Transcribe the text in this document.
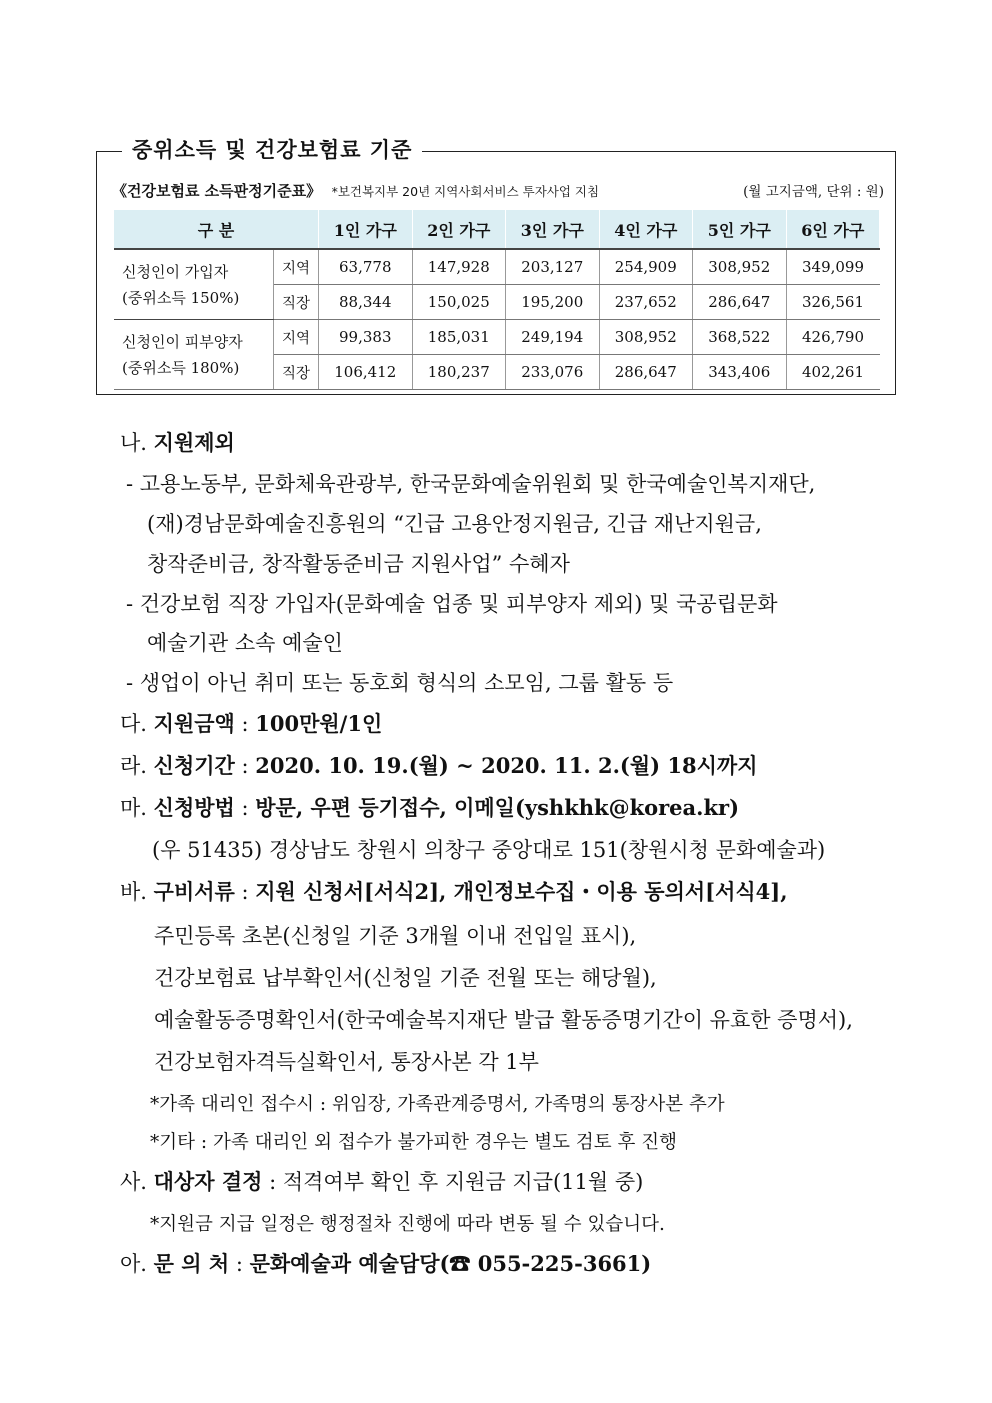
중위소득 및 건강보험료 기준
《건강보험료 소득판정기준표》 *보건복지부 20년 지역사회서비스 투자사업 지침	(월 고지금액, 단위 : 원)
구 분		1인 가구	2인 가구	3인 가구	4인 가구	5인 가구	6인 가구

신청인이 가입자
(중위소득 150%)	지역	63,778	147,928	203,127	254,909	308,952	349,099
	직장	88,344	150,025	195,200	237,652	286,647	326,561

신청인이 피부양자
(중위소득 180%)	지역	99,383	185,031	249,194	308,952	368,522	426,790
	직장	106,412	180,237	233,076	286,647	343,406	402,261
나. 지원제외
- 고용노동부, 문화체육관광부, 한국문화예술위원회 및 한국예술인복지재단,
(재)경남문화예술진흥원의 “긴급 고용안정지원금, 긴급 재난지원금,
창작준비금, 창작활동준비금 지원사업” 수혜자
- 건강보험 직장 가입자(문화예술 업종 및 피부양자 제외) 및 국공립문화
예술기관 소속 예술인
- 생업이 아닌 취미 또는 동호회 형식의 소모임, 그룹 활동 등
다. 지원금액 : 100만원/1인
라. 신청기간 : 2020. 10. 19.(월) ~ 2020. 11. 2.(월) 18시까지
마. 신청방법 : 방문, 우편 등기접수, 이메일(yshkhk@korea.kr)
(우 51435) 경상남도 창원시 의창구 중앙대로 151(창원시청 문화예술과)
바. 구비서류 : 지원 신청서[서식2], 개인정보수집・이용 동의서[서식4],
주민등록 초본(신청일 기준 3개월 이내 전입일 표시),
건강보험료 납부확인서(신청일 기준 전월 또는 해당월),
예술활동증명확인서(한국예술복지재단 발급 활동증명기간이 유효한 증명서),
건강보험자격득실확인서, 통장사본 각 1부
*가족 대리인 접수시 : 위임장, 가족관계증명서, 가족명의 통장사본 추가
*기타 : 가족 대리인 외 접수가 불가피한 경우는 별도 검토 후 진행
사. 대상자 결정 : 적격여부 확인 후 지원금 지급(11월 중)
*지원금 지급 일정은 행정절차 진행에 따라 변동 될 수 있습니다.
아. 문 의 처 : 문화예술과 예술담당(☎ 055-225-3661)
